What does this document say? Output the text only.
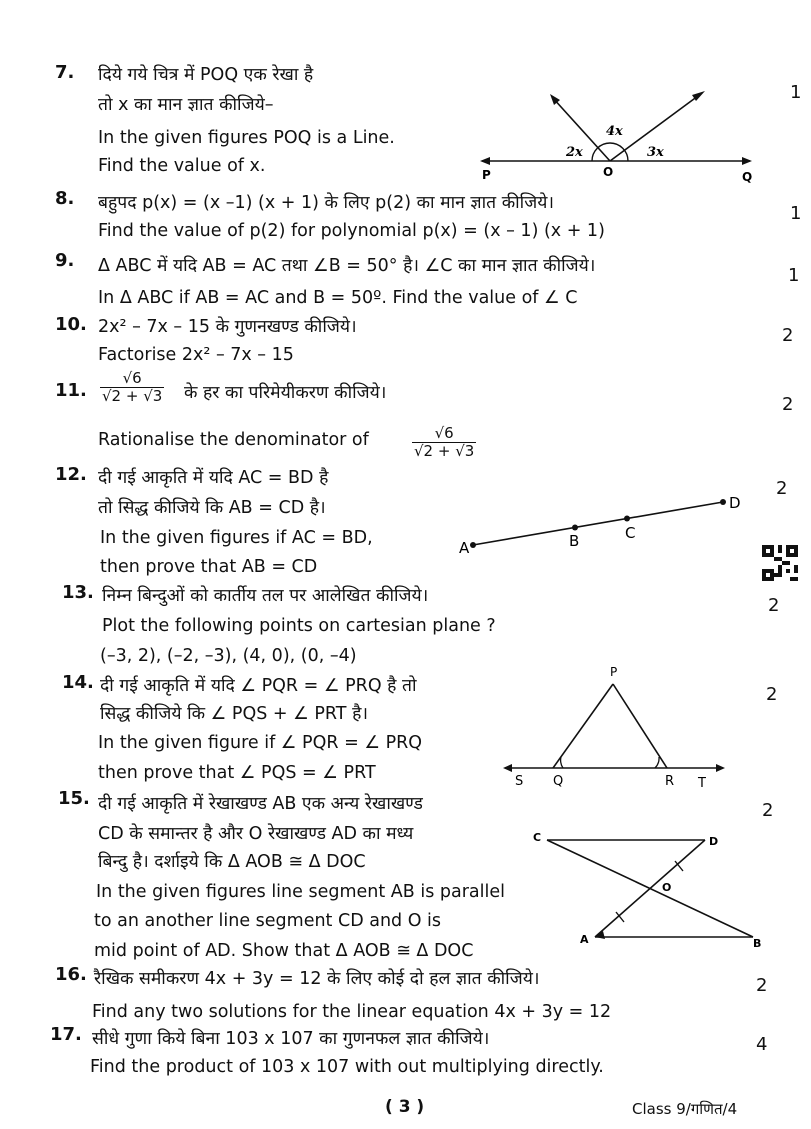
7. दिये गये चित्र में POQ एक रेखा है
तो x का मान ज्ञात कीजिये–
In the given figures POQ is a Line.
Find the value of x.
1
P	O	Q
2x
4x
3x
8. बहुपद p(x) = (x –1) (x + 1) के लिए p(2) का मान ज्ञात कीजिये।
Find the value of p(2) for polynomial p(x) = (x – 1) (x + 1)
1
9. Δ ABC में यदि AB = AC तथा ∠B = 50° है। ∠C का मान ज्ञात कीजिये।
In Δ ABC if AB = AC and B = 50º. Find the value of ∠ C
1
10. 2x² – 7x – 15 के गुणनखण्ड कीजिये।
Factorise 2x² – 7x – 15
2
11. $\frac{√6}{√2 + √3}$ के हर का परिमेयीकरण कीजिये।
Rationalise the denominator of	$\frac{√6}{√2 + √3}$
2
12. दी गई आकृति में यदि AC = BD है
तो सिद्ध कीजिये कि AB = CD है।
In the given figures if AC = BD,
then prove that AB = CD
2
A	B	C
D
13. निम्न बिन्दुओं को कार्तीय तल पर आलेखित कीजिये।
Plot the following points on cartesian plane ?
(–3, 2), (–2, –3), (4, 0), (0, –4)
2
14. दी गई आकृति में यदि ∠ PQR = ∠ PRQ है तो
सिद्ध कीजिये कि ∠ PQS + ∠ PRT है।
In the given figure if ∠ PQR = ∠ PRQ
then prove that ∠ PQS = ∠ PRT
2
P
S Q	R T
15. दी गई आकृति में रेखाखण्ड AB एक अन्य रेखाखण्ड
CD के समान्तर है और O रेखाखण्ड AD का मध्य
बिन्दु है। दर्शाइये कि Δ AOB ≅ Δ DOC
In the given figures line segment AB is parallel
to an another line segment CD and O is
mid point of AD. Show that Δ AOB ≅ Δ DOC
2
C	D
O
A	B
16. रैखिक समीकरण 4x + 3y = 12 के लिए कोई दो हल ज्ञात कीजिये।
Find any two solutions for the linear equation 4x + 3y = 12
2
17. सीधे गुणा किये बिना 103 x 107 का गुणनफल ज्ञात कीजिये।
Find the product of 103 x 107 with out multiplying directly.
4
( 3 )	Class 9/गणित/4
